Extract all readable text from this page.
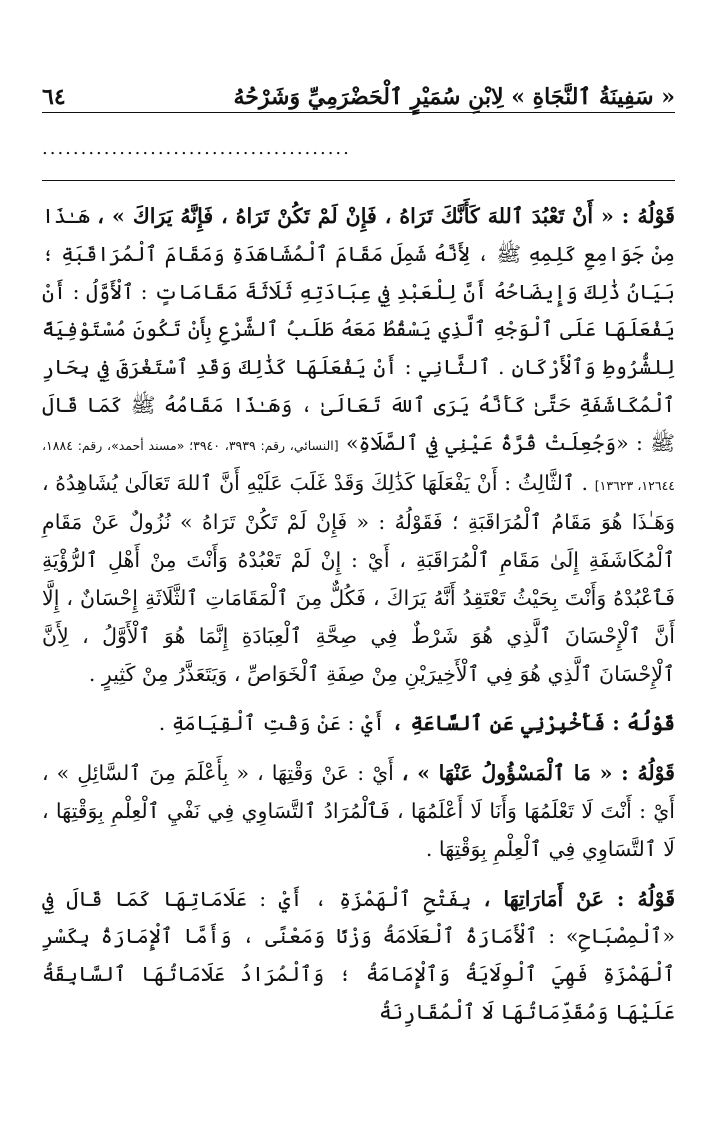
« سَفِينَةُ ٱلنَّجَاةِ » لِابْنِ سُمَيْرٍ ٱلْحَضْرَمِيِّ وَشَرْحُهُ
٦٤
........................................

قَوْلُهُ : « أَنْ تَعْبُدَ ٱللهَ كَأَنَّكَ تَرَاهُ ، فَإِنْ لَمْ تَكُنْ تَرَاهُ ، فَإِنَّهُ يَرَاكَ » ، هَـٰذَا مِنْ جَوَامِعِ كَلِمِهِ ﷺ ، لِأَنَّهُ شَمِلَ مَقَامَ ٱلْمُشَاهَدَةِ وَمَقَامَ ٱلْمُرَاقَبَةِ ؛ بَيَانُ ذَٰلِكَ وَإِيضَاحُهُ أَنَّ لِلْعَبْدِ فِي عِبَادَتِهِ ثَلَاثَةَ مَقَامَاتٍ : ٱلْأَوَّلُ : أَنْ يَفْعَلَهَا عَلَى ٱلْوَجْهِ ٱلَّذِي يَسْقُطُ مَعَهُ طَلَبُ ٱلشَّرْعِ بِأَنْ تَكُونَ مُسْتَوْفِيَةً لِلشُّرُوطِ وَٱلْأَرْكَانِ . ٱلثَّانِي : أَنْ يَفْعَلَهَا كَذَٰلِكَ وَقَدِ ٱسْتَغْرَقَ فِي بِحَارِ ٱلْمُكَاشَفَةِ حَتَّىٰ كَأَنَّهُ يَرَى ٱللهَ تَعَالَىٰ ، وَهَـٰذَا مَقَامُهُ ﷺ كَمَا قَالَ ﷺ : «وَجُعِلَتْ قُرَّةُ عَيْنِي فِي ٱلصَّلَاةِ» [النسائي، رقم: ٣٩٣٩، ٣٩٤٠؛ «مسند أحمد»، رقم: ١٨٨٤، ١٢٦٤٤، ١٣٦٢٣] . ٱلثَّالِثُ : أَنْ يَفْعَلَهَا كَذَٰلِكَ وَقَدْ غَلَبَ عَلَيْهِ أَنَّ ٱللهَ تَعَالَىٰ يُشَاهِدُهُ ، وَهَـٰذَا هُوَ مَقَامُ ٱلْمُرَاقَبَةِ ؛ فَقَوْلُهُ : « فَإِنْ لَمْ تَكُنْ تَرَاهُ » نُزُولٌ عَنْ مَقَامِ ٱلْمُكَاشَفَةِ إِلَىٰ مَقَامِ ٱلْمُرَاقَبَةِ ، أَيْ : إِنْ لَمْ تَعْبُدْهُ وَأَنْتَ مِنْ أَهْلِ ٱلرُّؤْيَةِ فَٱعْبُدْهُ وَأَنْتَ بِحَيْثُ تَعْتَقِدُ أَنَّهُ يَرَاكَ ، فَكُلٌّ مِنَ ٱلْمَقَامَاتِ ٱلثَّلَاثَةِ إِحْسَانٌ ، إِلَّا أَنَّ ٱلْإِحْسَانَ ٱلَّذِي هُوَ شَرْطٌ فِي صِحَّةِ ٱلْعِبَادَةِ إِنَّمَا هُوَ ٱلْأَوَّلُ ، لِأَنَّ ٱلْإِحْسَانَ ٱلَّذِي هُوَ فِي ٱلْأَخِيرَيْنِ مِنْ صِفَةِ ٱلْخَوَاصِّ ، وَيَتَعَذَّرُ مِنْ كَثِيرٍ .

قَوْلُهُ : فَأَخْبِرْنِي عَنِ ٱلسَّاعَةِ ، أَيْ : عَنْ وَقْتِ ٱلْقِيَامَةِ .

قَوْلُهُ : « مَا ٱلْمَسْؤُولُ عَنْهَا » ، أَيْ : عَنْ وَقْتِهَا ، « بِأَعْلَمَ مِنَ ٱلسَّائِلِ » ، أَيْ : أَنْتَ لَا تَعْلَمُهَا وَأَنَا لَا أَعْلَمُهَا ، فَٱلْمُرَادُ ٱلتَّسَاوِي فِي نَفْيِ ٱلْعِلْمِ بِوَقْتِهَا ، لَا ٱلتَّسَاوِي فِي ٱلْعِلْمِ بِوَقْتِهَا .

قَوْلُهُ : عَنْ أَمَارَاتِهَا ، بِفَتْحِ ٱلْهَمْزَةِ ، أَيْ : عَلَامَاتِهَا كَمَا قَالَ فِي «ٱلْمِصْبَاحِ» : ٱلْأَمَارَةُ ٱلْعَلَامَةُ وَزْنًا وَمَعْنًى ، وَأَمَّا ٱلْإِمَارَةُ بِكَسْرِ ٱلْهَمْزَةِ فَهِيَ ٱلْوِلَايَةُ وَٱلْإِمَامَةُ ؛ وَٱلْمُرَادُ عَلَامَاتُهَا ٱلسَّابِقَةُ عَلَيْهَا وَمُقَدِّمَاتُهَا لَا ٱلْمُقَارِنَةُ
